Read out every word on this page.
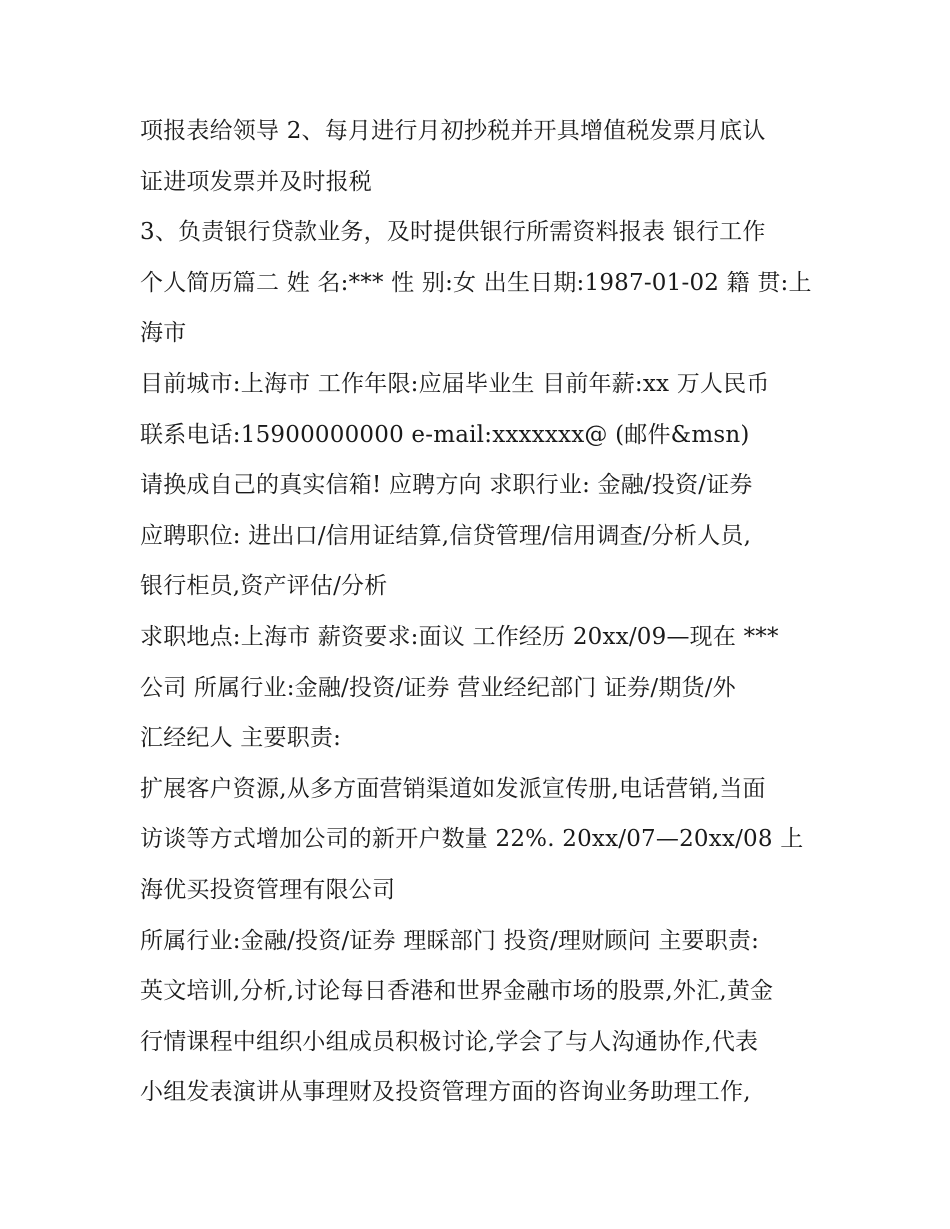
项报表给领导 2、每月进行月初抄税并开具增值税发票月底认
证进项发票并及时报税
3、负责银行贷款业务，及时提供银行所需资料报表 银行工作
个人简历篇二 姓 名:*** 性 别:女 出生日期:1987-01-02 籍 贯:上
海市
目前城市:上海市 工作年限:应届毕业生 目前年薪:xx 万人民币
联系电话:15900000000 e-mail:xxxxxxx@ (邮件&msn)
请换成自己的真实信箱! 应聘方向 求职行业: 金融/投资/证券
应聘职位: 进出口/信用证结算,信贷管理/信用调查/分析人员,
银行柜员,资产评估/分析
求职地点:上海市 薪资要求:面议 工作经历 20xx/09—现在 ***
公司 所属行业:金融/投资/证券 营业经纪部门 证券/期货/外
汇经纪人 主要职责:
扩展客户资源,从多方面营销渠道如发派宣传册,电话营销,当面
访谈等方式增加公司的新开户数量 22%. 20xx/07—20xx/08 上
海优买投资管理有限公司
所属行业:金融/投资/证券 理睬部门 投资/理财顾问 主要职责:
英文培训,分析,讨论每日香港和世界金融市场的股票,外汇,黄金
行情课程中组织小组成员积极讨论,学会了与人沟通协作,代表
小组发表演讲从事理财及投资管理方面的咨询业务助理工作,
